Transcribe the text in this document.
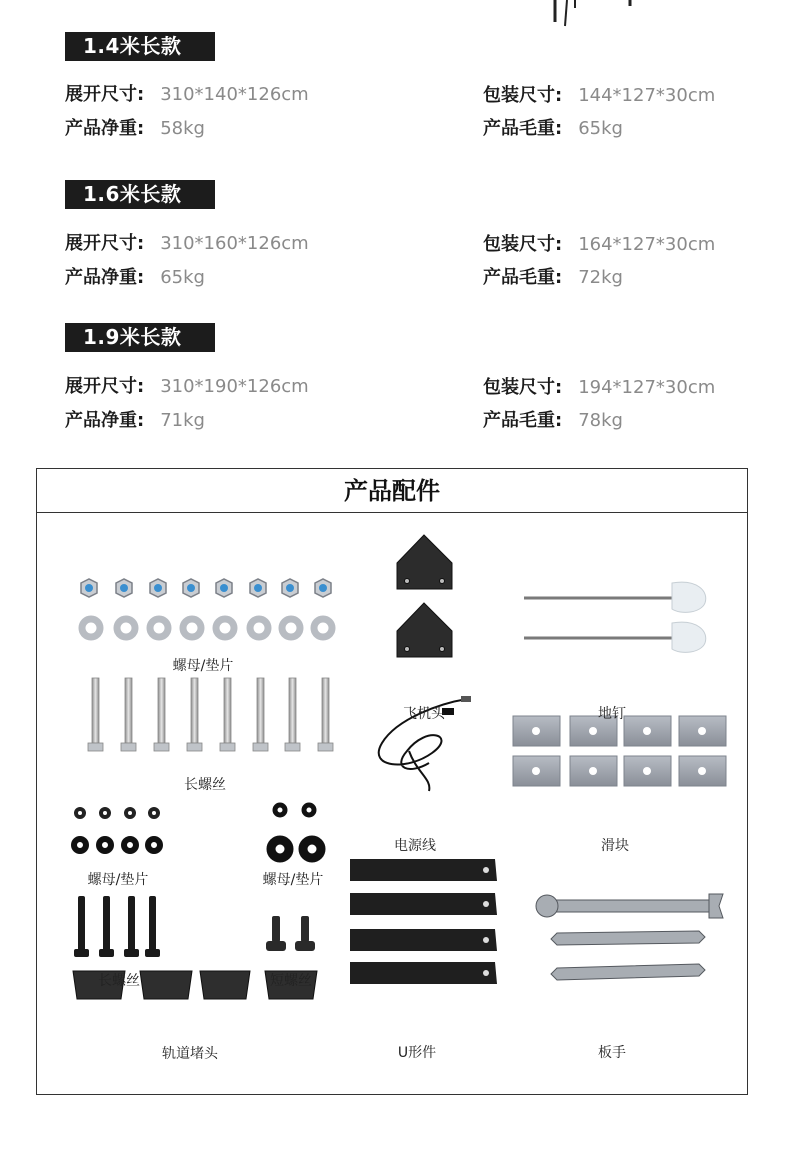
1.4米长款
展开尺寸: 310*140*126cm	包装尺寸: 144*127*30cm
产品净重: 58kg	产品毛重: 65kg
1.6米长款
展开尺寸: 310*160*126cm	包装尺寸: 164*127*30cm
产品净重: 65kg	产品毛重: 72kg
1.9米长款
展开尺寸: 310*190*126cm	包装尺寸: 194*127*30cm
产品净重: 71kg	产品毛重: 78kg
产品配件
螺母/垫片
长螺丝
螺母/垫片	螺母/垫片
长螺丝	短螺丝
轨道堵头
飞机头
电源线
U形件
地钉
滑块
板手
